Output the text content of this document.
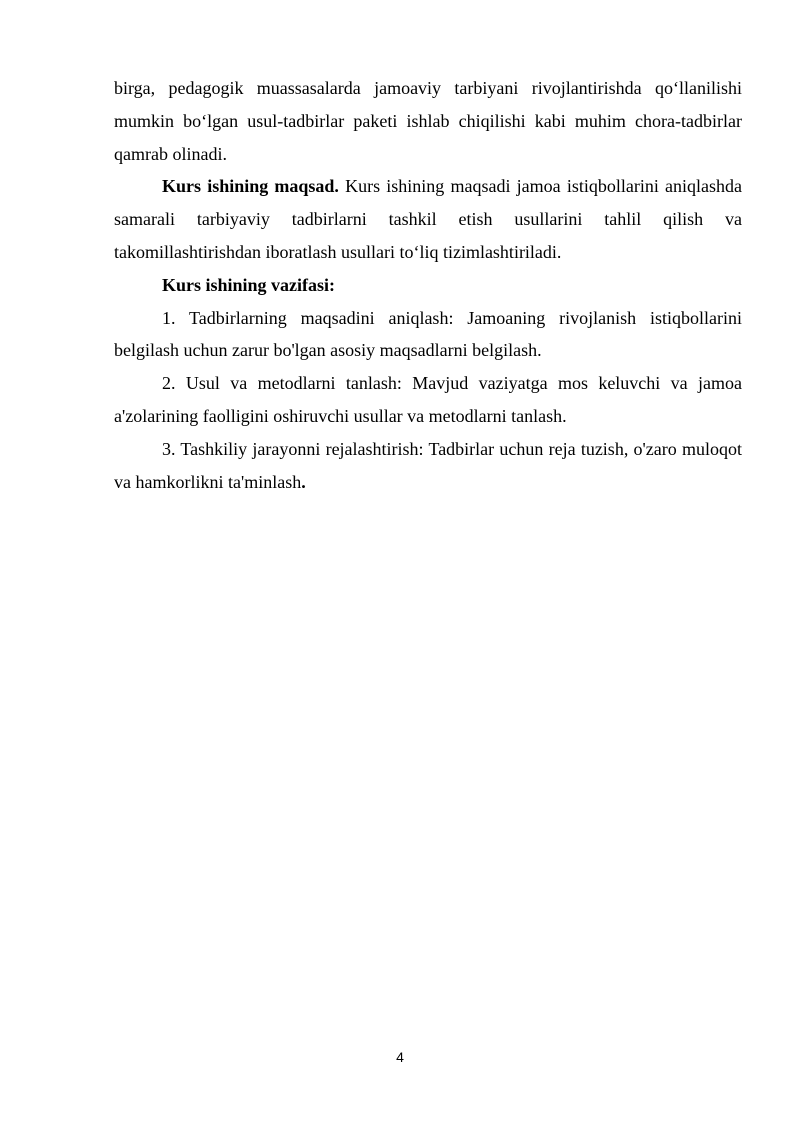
birga, pedagogik muassasalarda jamoaviy tarbiyani rivojlantirishda qo‘llanilishi mumkin bo‘lgan usul-tadbirlar paketi ishlab chiqilishi kabi muhim chora-tadbirlar qamrab olinadi.

Kurs ishining maqsad. Kurs ishining maqsadi jamoa istiqbollarini aniqlashda samarali tarbiyaviy tadbirlarni tashkil etish usullarini tahlil qilish va takomillashtirishdan iboratlash usullari to‘liq tizimlashtiriladi.

Kurs ishining vazifasi:

1. Tadbirlarning maqsadini aniqlash: Jamoaning rivojlanish istiqbollarini belgilash uchun zarur bo'lgan asosiy maqsadlarni belgilash.

2. Usul va metodlarni tanlash: Mavjud vaziyatga mos keluvchi va jamoa a'zolarining faolligini oshiruvchi usullar va metodlarni tanlash.

3. Tashkiliy jarayonni rejalashtirish: Tadbirlar uchun reja tuzish, o'zaro muloqot va hamkorlikni ta'minlash.

4
